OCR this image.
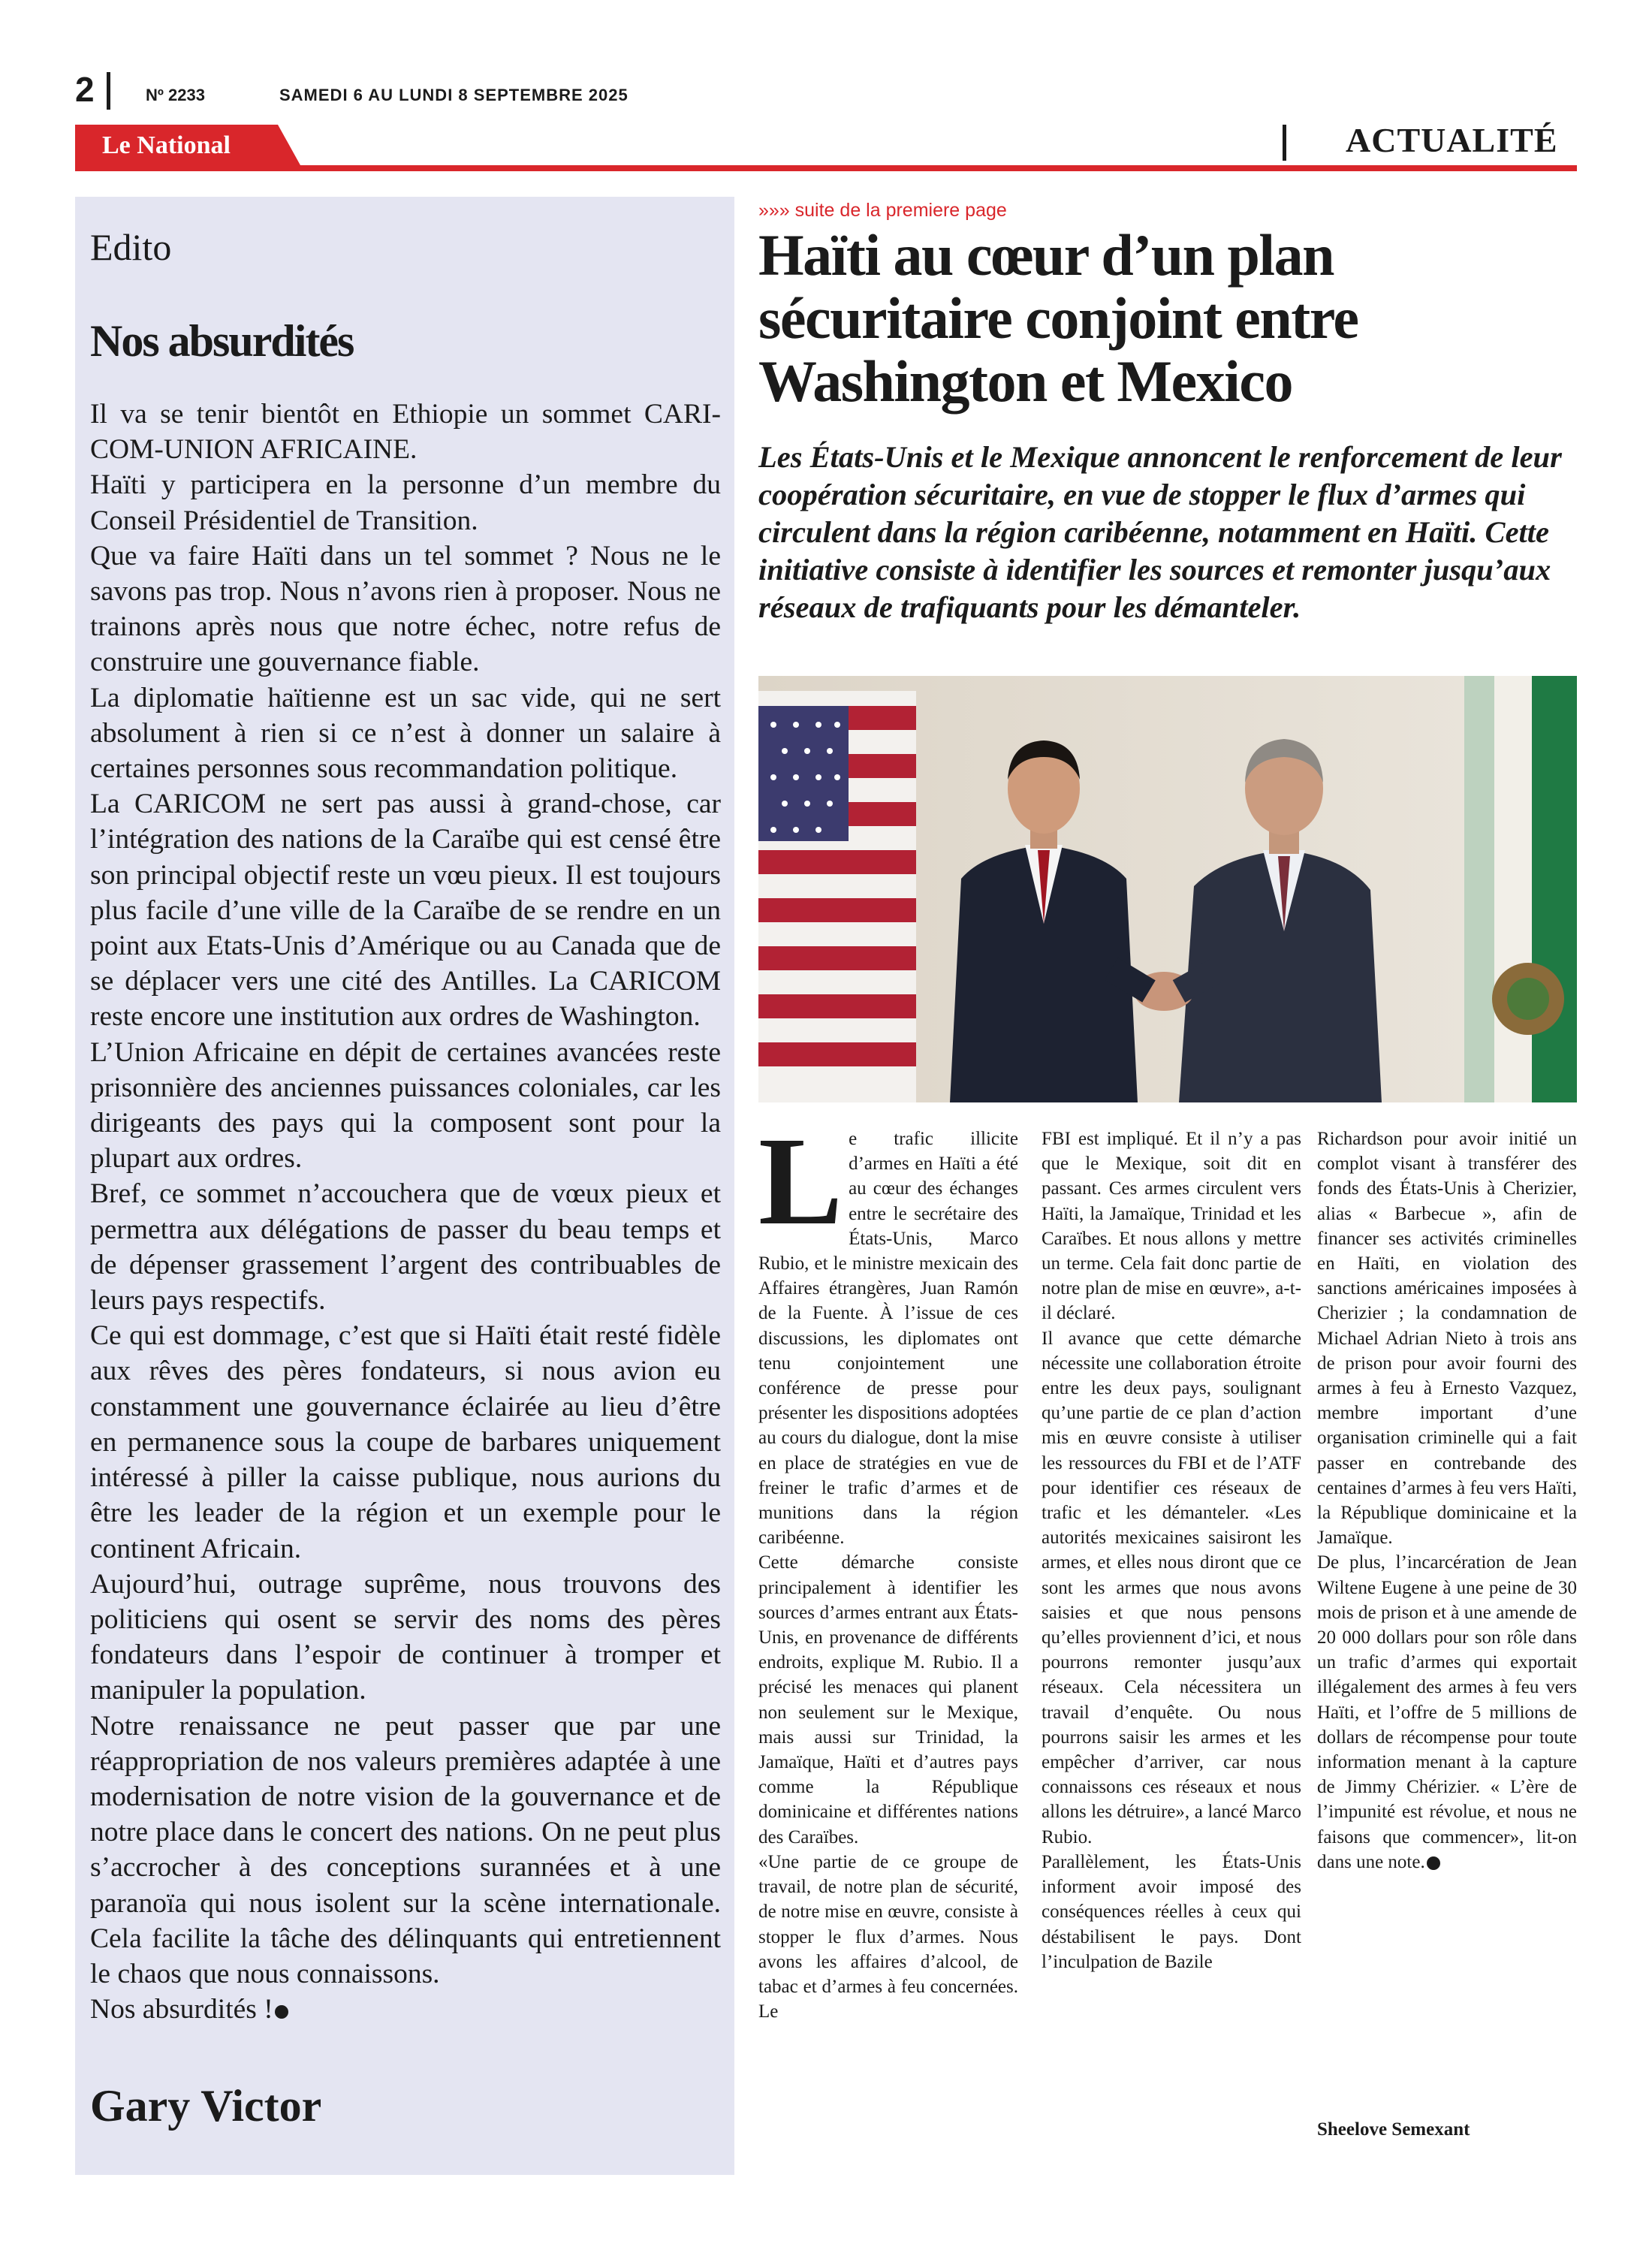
2	Nº 2233	SAMEDI 6 AU LUNDI 8 SEPTEMBRE 2025
Le National	ACTUALITÉ
Edito
Nos absurdités

Il va se tenir bientôt en Ethiopie un sommet CARI-COM-UNION AFRICAINE.

Haïti y participera en la personne d’un membre du Conseil Présidentiel de Transition.

Que va faire Haïti dans un tel sommet ? Nous ne le savons pas trop. Nous n’avons rien à proposer. Nous ne trainons après nous que notre échec, notre refus de construire une gouvernance fiable.

La diplomatie haïtienne est un sac vide, qui ne sert absolument à rien si ce n’est à donner un salaire à certaines personnes sous recommandation politique.

La CARICOM ne sert pas aussi à grand-chose, car l’intégration des nations de la Caraïbe qui est censé être son principal objectif reste un vœu pieux. Il est toujours plus facile d’une ville de la Caraïbe de se rendre en un point aux Etats-Unis d’Amérique ou au Canada que de se déplacer vers une cité des Antilles. La CARICOM reste encore une institution aux ordres de Washington.

L’Union Africaine en dépit de certaines avancées reste prisonnière des anciennes puissances coloniales, car les dirigeants des pays qui la composent sont pour la plupart aux ordres.

Bref, ce sommet n’accouchera que de vœux pieux et permettra aux délégations de passer du beau temps et de dépenser grassement l’argent des contribuables de leurs pays respectifs.

Ce qui est dommage, c’est que si Haïti était resté fidèle aux rêves des pères fondateurs, si nous avion eu constamment une gouvernance éclairée au lieu d’être en permanence sous la coupe de barbares uniquement intéressé à piller la caisse publique, nous aurions du être les leader de la région et un exemple pour le continent Africain.

Aujourd’hui, outrage suprême, nous trouvons des politiciens qui osent se servir des noms des pères fondateurs dans l’espoir de continuer à tromper et manipuler la population.

Notre renaissance ne peut passer que par une réappropriation de nos valeurs premières adaptée à une modernisation de notre vision de la gouvernance et de notre place dans le concert des nations. On ne peut plus s’accrocher à des conceptions surannées et à une paranoïa qui nous isolent sur la scène internationale. Cela facilite la tâche des délinquants qui entretiennent le chaos que nous connaissons.

Nos absurdités !

Gary Victor
»»» suite de la premiere page
Haïti au cœur d’un plan sécuritaire conjoint entre Washington et Mexico
Les États-Unis et le Mexique annoncent le renforcement de leur coopération sécuritaire, en vue de stopper le flux d’armes qui circulent dans la région caribéenne, notamment en Haïti. Cette initiative consiste à identifier les sources et remonter jusqu’aux réseaux de trafiquants pour les démanteler.
L e trafic illicite d’armes en Haïti a été au cœur des échanges entre le secrétaire des États-Unis, Marco Rubio, et le ministre mexicain des Affaires étrangères, Juan Ramón de la Fuente. À l’issue de ces discussions, les diplomates ont tenu conjointement une conférence de presse pour présenter les dispositions adoptées au cours du dialogue, dont la mise en place de stratégies en vue de freiner le trafic d’armes et de munitions dans la région caribéenne.

Cette démarche consiste principalement à identifier les sources d’armes entrant aux États-Unis, en provenance de différents endroits, explique M. Rubio. Il a précisé les menaces qui planent non seulement sur le Mexique, mais aussi sur Trinidad, la Jamaïque, Haïti et d’autres pays comme la République dominicaine et différentes nations des Caraïbes.

«Une partie de ce groupe de travail, de notre plan de sécurité, de notre mise en œuvre, consiste à stopper le flux d’armes. Nous avons les affaires d’alcool, de tabac et d’armes à feu concernées. Le

FBI est impliqué. Et il n’y a pas que le Mexique, soit dit en passant. Ces armes circulent vers Haïti, la Jamaïque, Trinidad et les Caraïbes. Et nous allons y mettre un terme. Cela fait donc partie de notre plan de mise en œuvre», a-t-il déclaré.

Il avance que cette démarche nécessite une collaboration étroite entre les deux pays, soulignant qu’une partie de ce plan d’action mis en œuvre consiste à utiliser les ressources du FBI et de l’ATF pour identifier ces réseaux de trafic et les démanteler. «Les autorités mexicaines saisiront les armes, et elles nous diront que ce sont les armes que nous avons saisies et que nous pensons qu’elles proviennent d’ici, et nous pourrons remonter jusqu’aux réseaux. Cela nécessitera un travail d’enquête. Ou nous pourrons saisir les armes et les empêcher d’arriver, car nous connaissons ces réseaux et nous allons les détruire», a lancé Marco Rubio.

Parallèlement, les États-Unis informent avoir imposé des conséquences réelles à ceux qui déstabilisent le pays. Dont l’inculpation de Bazile

Richardson pour avoir initié un complot visant à transférer des fonds des États-Unis à Cherizier, alias « Barbecue », afin de financer ses activités criminelles en Haïti, en violation des sanctions américaines imposées à Cherizier ; la condamnation de Michael Adrian Nieto à trois ans de prison pour avoir fourni des armes à feu à Ernesto Vazquez, membre important d’une organisation criminelle qui a fait passer en contrebande des centaines d’armes à feu vers Haïti, la République dominicaine et la Jamaïque.

De plus, l’incarcération de Jean Wiltene Eugene à une peine de 30 mois de prison et à une amende de 20 000 dollars pour son rôle dans un trafic d’armes qui exportait illégalement des armes à feu vers Haïti, et l’offre de 5 millions de dollars de récompense pour toute information menant à la capture de Jimmy Chérizier. « L’ère de l’impunité est révolue, et nous ne faisons que commencer», lit-on dans une note.

Sheelove Semexant
